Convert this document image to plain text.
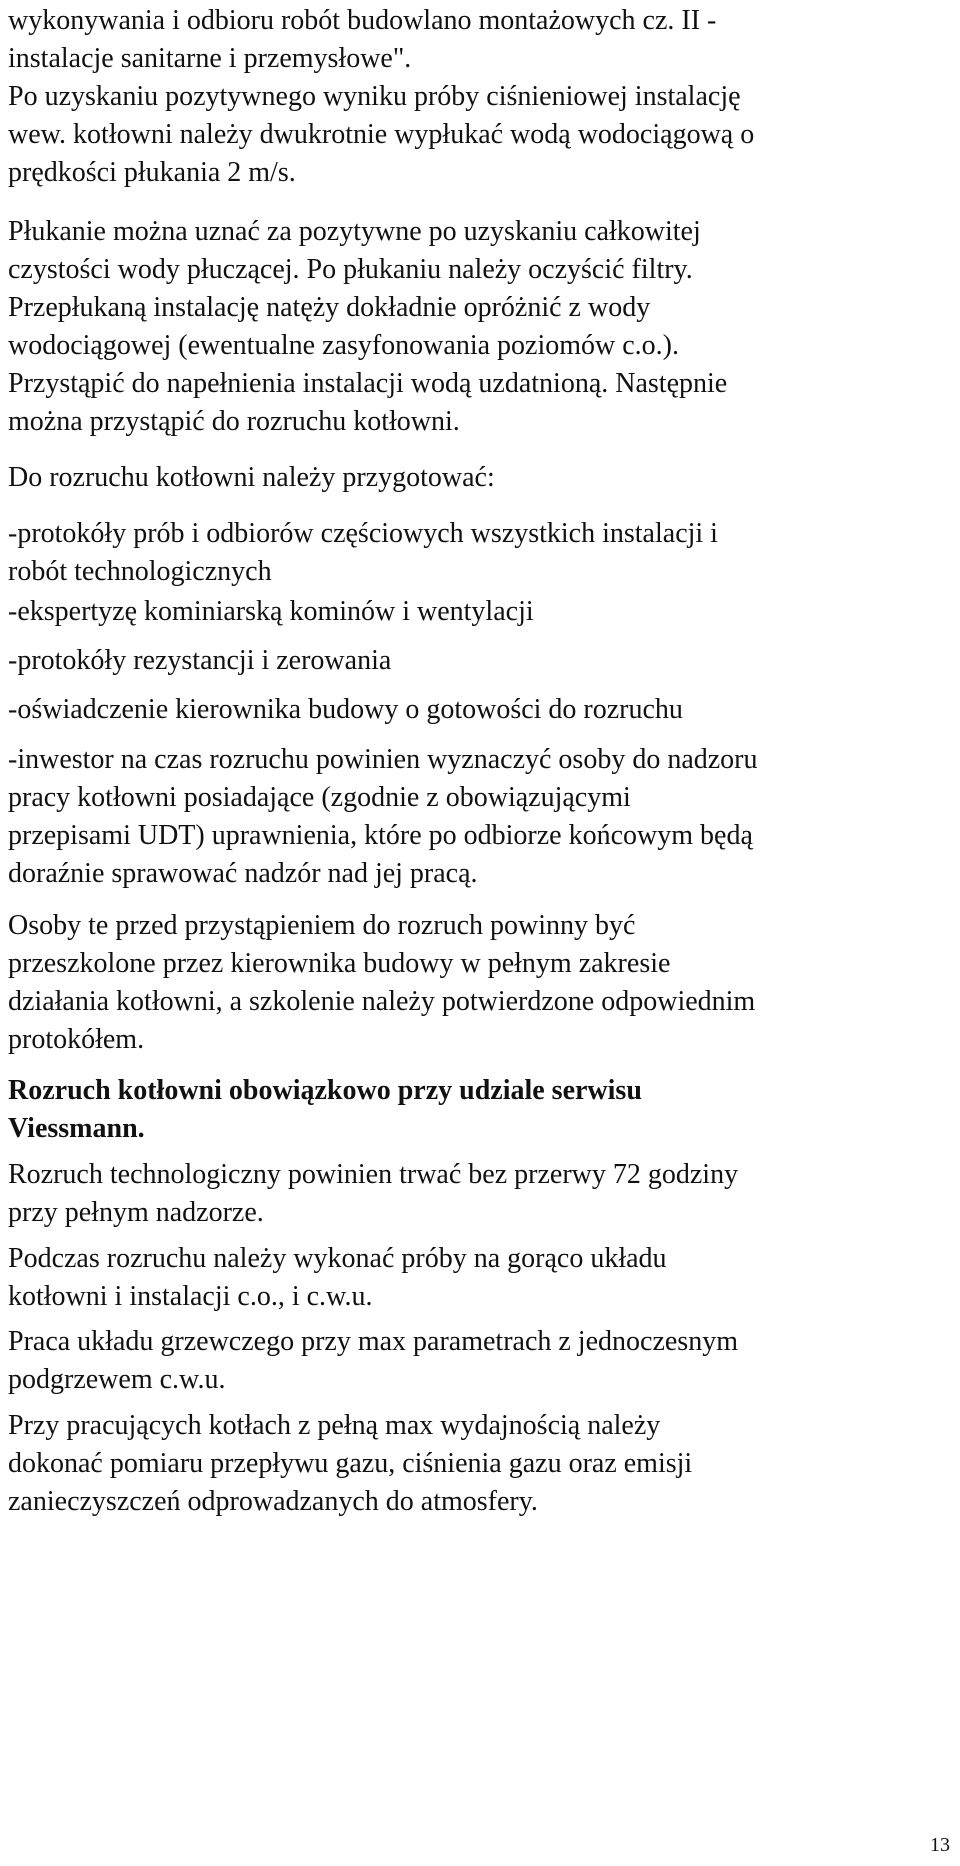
wykonywania i odbioru robót budowlano montażowych cz. II -
instalacje sanitarne i przemysłowe".

Po uzyskaniu pozytywnego wyniku próby ciśnieniowej instalację
wew. kotłowni należy dwukrotnie wypłukać wodą wodociągową o
prędkości płukania 2 m/s.

Płukanie można uznać za pozytywne po uzyskaniu całkowitej
czystości wody płuczącej. Po płukaniu należy oczyścić filtry.
Przepłukaną instalację natęży dokładnie opróżnić z wody
wodociągowej (ewentualne zasyfonowania poziomów c.o.).
Przystąpić do napełnienia instalacji wodą uzdatnioną. Następnie
można przystąpić do rozruchu kotłowni.

Do rozruchu kotłowni należy przygotować:

-protokóły prób i odbiorów częściowych wszystkich instalacji i
robót technologicznych

-ekspertyzę kominiarską kominów i wentylacji

-protokóły rezystancji i zerowania

-oświadczenie kierownika budowy o gotowości do rozruchu

-inwestor na czas rozruchu powinien wyznaczyć osoby do nadzoru
pracy kotłowni posiadające (zgodnie z obowiązującymi
przepisami UDT) uprawnienia, które po odbiorze końcowym będą
doraźnie sprawować nadzór nad jej pracą.

Osoby te przed przystąpieniem do rozruch powinny być
przeszkolone przez kierownika budowy w pełnym zakresie
działania kotłowni, a szkolenie należy potwierdzone odpowiednim
protokółem.

Rozruch kotłowni obowiązkowo przy udziale serwisu
Viessmann.

Rozruch technologiczny powinien trwać bez przerwy 72 godziny
przy pełnym nadzorze.

Podczas rozruchu należy wykonać próby na gorąco układu
kotłowni i instalacji c.o., i c.w.u.

Praca układu grzewczego przy max parametrach z jednoczesnym
podgrzewem c.w.u.

Przy pracujących kotłach z pełną max wydajnością należy
dokonać pomiaru przepływu gazu, ciśnienia gazu oraz emisji
zanieczyszczeń odprowadzanych do atmosfery.

13
